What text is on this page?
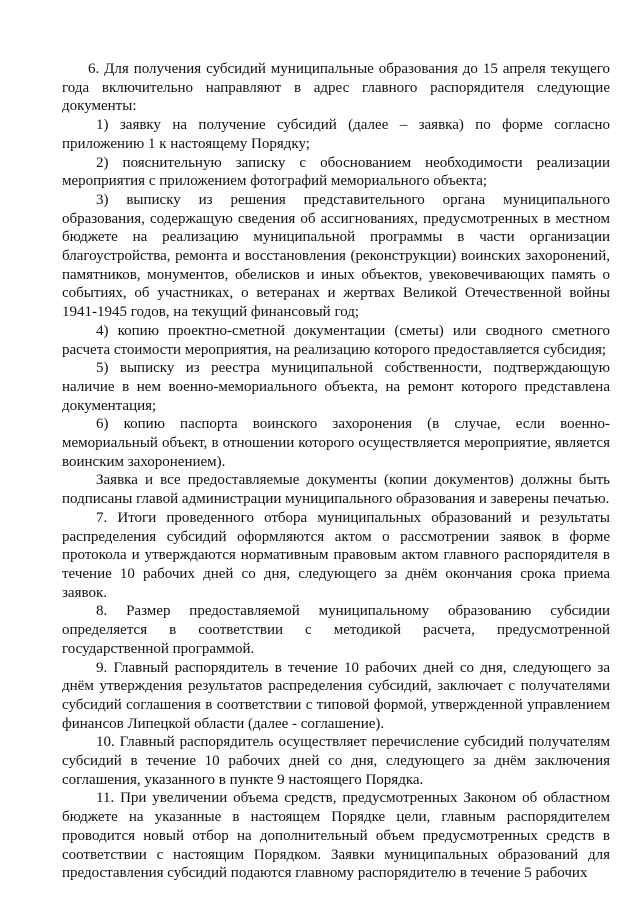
6. Для получения субсидий муниципальные образования до 15 апреля текущего года включительно направляют в адрес главного распорядителя следующие документы:

1) заявку на получение субсидий (далее – заявка) по форме согласно приложению 1 к настоящему Порядку;

2) пояснительную записку с обоснованием необходимости реализации мероприятия с приложением фотографий мемориального объекта;

3) выписку из решения представительного органа муниципального образования, содержащую сведения об ассигнованиях, предусмотренных в местном бюджете на реализацию муниципальной программы в части организации благоустройства, ремонта и восстановления (реконструкции) воинских захоронений, памятников, монументов, обелисков и иных объектов, увековечивающих память о событиях, об участниках, о ветеранах и жертвах Великой Отечественной войны 1941-1945 годов, на текущий финансовый год;

4) копию проектно-сметной документации (сметы) или сводного сметного расчета стоимости мероприятия, на реализацию которого предоставляется субсидия;

5) выписку из реестра муниципальной собственности, подтверждающую наличие в нем военно-мемориального объекта, на ремонт которого представлена документация;

6) копию паспорта воинского захоронения (в случае, если военно-мемориальный объект, в отношении которого осуществляется мероприятие, является воинским захоронением).

Заявка и все предоставляемые документы (копии документов) должны быть подписаны главой администрации муниципального образования и заверены печатью.

7. Итоги проведенного отбора муниципальных образований и результаты распределения субсидий оформляются актом о рассмотрении заявок в форме протокола и утверждаются нормативным правовым актом главного распорядителя в течение 10 рабочих дней со дня, следующего за днём окончания срока приема заявок.

8. Размер предоставляемой муниципальному образованию субсидии определяется в соответствии с методикой расчета, предусмотренной государственной программой.

9. Главный распорядитель в течение 10 рабочих дней со дня, следующего за днём утверждения результатов распределения субсидий, заключает с получателями субсидий соглашения в соответствии с типовой формой, утвержденной управлением финансов Липецкой области (далее - соглашение).

10. Главный распорядитель осуществляет перечисление субсидий получателям субсидий в течение 10 рабочих дней со дня, следующего за днём заключения соглашения, указанного в пункте 9 настоящего Порядка.

11. При увеличении объема средств, предусмотренных Законом об областном бюджете на указанные в настоящем Порядке цели, главным распорядителем проводится новый отбор на дополнительный объем предусмотренных средств в соответствии с настоящим Порядком. Заявки муниципальных образований для предоставления субсидий подаются главному распорядителю в течение 5 рабочих
